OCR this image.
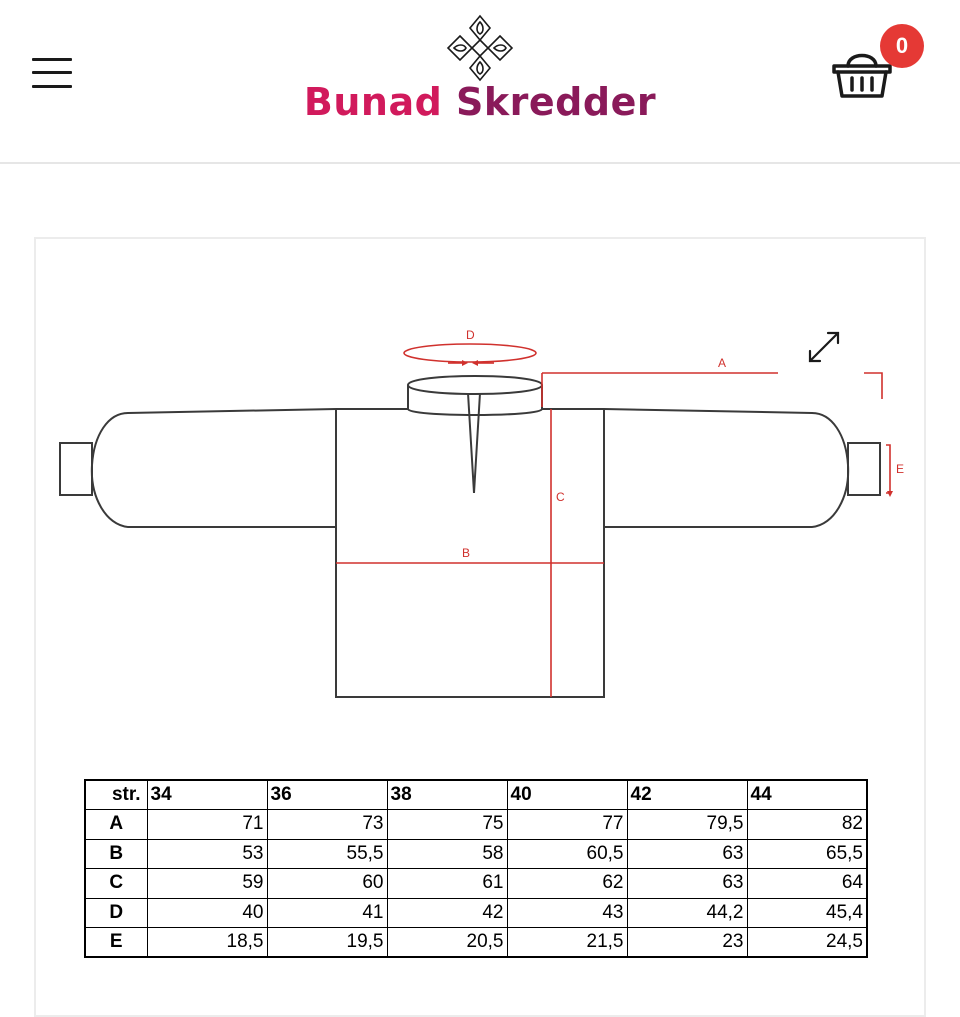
Bunad Skredder
0
D
A
B
C
E
str.	34	36	38	40	42	44
A	71	73	75	77	79,5	82
B	53	55,5	58	60,5	63	65,5
C	59	60	61	62	63	64
D	40	41	42	43	44,2	45,4
E	18,5	19,5	20,5	21,5	23	24,5
